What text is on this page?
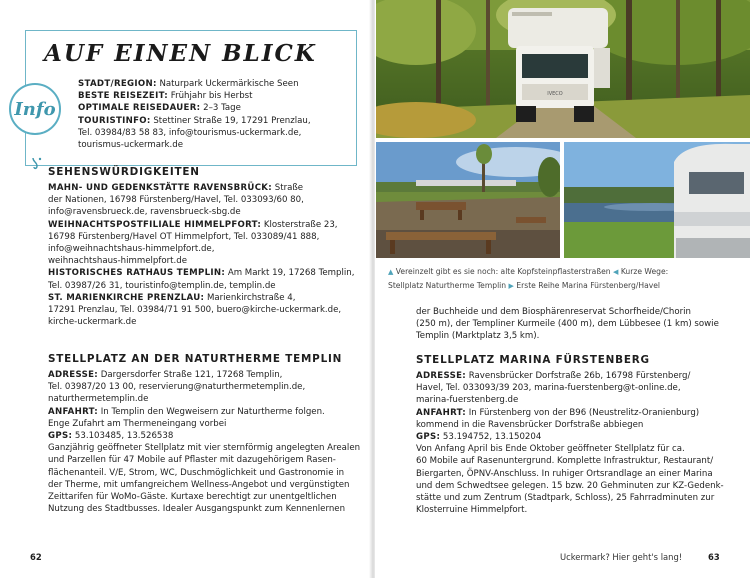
AUF EINEN BLICK
Info
STADT/REGION: Naturpark Uckermärkische Seen
BESTE REISEZEIT: Frühjahr bis Herbst
OPTIMALE REISEDAUER: 2–3 Tage
TOURISTINFO: Stettiner Straße 19, 17291 Prenzlau,
Tel. 03984/83 58 83, info@tourismus-uckermark.de,
tourismus-uckermark.de
SEHENSWÜRDIGKEITEN
MAHN- UND GEDENKSTÄTTE RAVENSBRÜCK: Straße
der Nationen, 16798 Fürstenberg/Havel, Tel. 033093/60 80,
info@ravensbrueck.de, ravensbrueck-sbg.de
WEIHNACHTSPOSTFILIALE HIMMELPFORT: Klosterstraße 23,
16798 Fürstenberg/Havel OT Himmelpfort, Tel. 033089/41 888,
info@weihnachtshaus-himmelpfort.de,
weihnachtshaus-himmelpfort.de
HISTORISCHES RATHAUS TEMPLIN: Am Markt 19, 17268 Templin,
Tel. 03987/26 31, touristinfo@templin.de, templin.de
ST. MARIENKIRCHE PRENZLAU: Marienkirchstraße 4,
17291 Prenzlau, Tel. 03984/71 91 500, buero@kirche-uckermark.de,
kirche-uckermark.de
STELLPLATZ AN DER NATURTHERME TEMPLIN
ADRESSE: Dargersdorfer Straße 121, 17268 Templin,
Tel. 03987/20 13 00, reservierung@naturthermetemplin.de,
naturthermetemplin.de
ANFAHRT: In Templin den Wegweisern zur Naturtherme folgen.
Enge Zufahrt am Thermeneingang vorbei
GPS: 53.103485, 13.526538
Ganzjährig geöffneter Stellplatz mit vier sternförmig angelegten Arealen
und Parzellen für 47 Mobile auf Pflaster mit dazugehörigem Rasen-
flächenanteil. V/E, Strom, WC, Duschmöglichkeit und Gastronomie in
der Therme, mit umfangreichem Wellness-Angebot und vergünstigten
Zeittarifen für WoMo-Gäste. Kurtaxe berechtigt zur unentgeltlichen
Nutzung des Stadtbusses. Idealer Ausgangspunkt zum Kennenlernen
62
IVECO
▲ Vereinzelt gibt es sie noch: alte Kopfsteinpflasterstraßen ◀ Kurze Wege:
Stellplatz Naturtherme Templin ▶ Erste Reihe Marina Fürstenberg/Havel
der Buchheide und dem Biosphärenreservat Schorfheide/Chorin
(250 m), der Templiner Kurmeile (400 m), dem Lübbesee (1 km) sowie
Templin (Marktplatz 3,5 km).
STELLPLATZ MARINA FÜRSTENBERG
ADRESSE: Ravensbrücker Dorfstraße 26b, 16798 Fürstenberg/
Havel, Tel. 033093/39 203, marina-fuerstenberg@t-online.de,
marina-fuerstenberg.de
ANFAHRT: In Fürstenberg von der B96 (Neustrelitz-Oranienburg)
kommend in die Ravensbrücker Dorfstraße abbiegen
GPS: 53.194752, 13.150204
Von Anfang April bis Ende Oktober geöffneter Stellplatz für ca.
60 Mobile auf Rasenuntergrund. Komplette Infrastruktur, Restaurant/
Biergarten, ÖPNV-Anschluss. In ruhiger Ortsrandlage an einer Marina
und dem Schwedtsee gelegen. 15 bzw. 20 Gehminuten zur KZ-Gedenk-
stätte und zum Zentrum (Stadtpark, Schloss), 25 Fahrradminuten zur
Klosterruine Himmelpfort.
Uckermark? Hier geht's lang!	63
